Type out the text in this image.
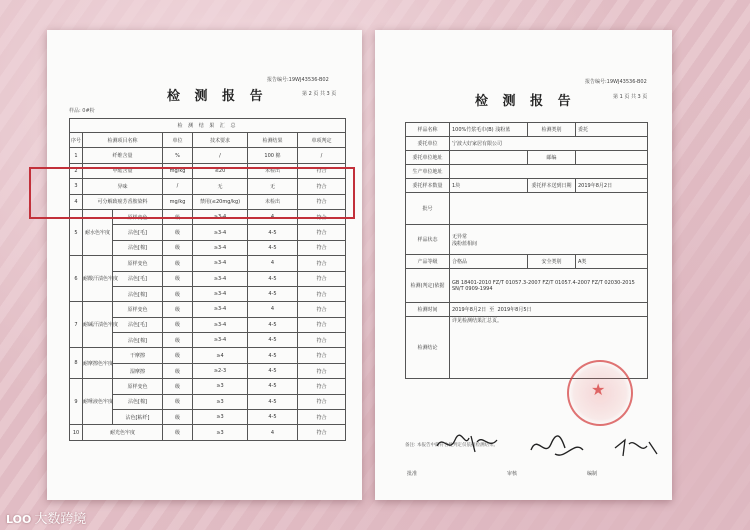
报告编号:19WJ43536-B02
检 测 报 告	第 2 页 共 3 页
样品: 0#粉
检 测 结 果 汇 总						
序号	检测项目名称		单位	技术要求	检测结果	单项判定
1	纤维含量		%	/	100 棉	/
2	甲醛含量		mg/kg	≤20	未检出	符合
3	异味		/	无	无	符合
4	可分解致癌芳香胺染料		mg/kg	禁用(≤20mg/kg)	未检出	符合
5	耐水色牢度	原样变色	级	≥3-4	4	符合
		沾色[毛]	级	≥3-4	4-5	符合
		沾色[棉]	级	≥3-4	4-5	符合
6	耐酸汗渍色牢度	原样变色	级	≥3-4	4	符合
		沾色[毛]	级	≥3-4	4-5	符合
		沾色[棉]	级	≥3-4	4-5	符合
7	耐碱汗渍色牢度	原样变色	级	≥3-4	4	符合
		沾色[毛]	级	≥3-4	4-5	符合
		沾色[棉]	级	≥3-4	4-5	符合
8	耐摩擦色牢度	干摩擦	级	≥4	4-5	符合
		湿摩擦	级	≥2-3	4-5	符合
9	耐唾液色牢度	原样变色	级	≥3	4-5	符合
		沾色[棉]	级	≥3	4-5	符合
		沾色[粘纤]	级	≥3	4-5	符合
10	耐光色牢度		级	≥3	4	符合
报告编号:19WJ43536-B02
检 测 报 告	第 1 页 共 3 页
样品名称	100%竹浆毛巾(B) 浅粉蓝	检测类别	委托
委托单位	宁波大好家居有限公司		
委托单位地址		邮编	
生产单位地址			
委托样本数量	1块	委托样本送到日期	2019年8月2日
批号			
样品状态	无异常
浅粉蓝相间		
产品等级	合格品	安全类别	A类
检测(判定)依据	GB 18401-2010 FZ/T 01057.3-2007 FZ/T 01057.4-2007 FZ/T 02030-2015 SN/T 0909-1994		
检测时间	2019年8月2日  至  2019年8月5日		
检测结论	详见检测结果汇总页。		
★
备注: 本报告中的符合性判定仅依据检测结果。
批准	审核	编制
LOO 大数跨境
